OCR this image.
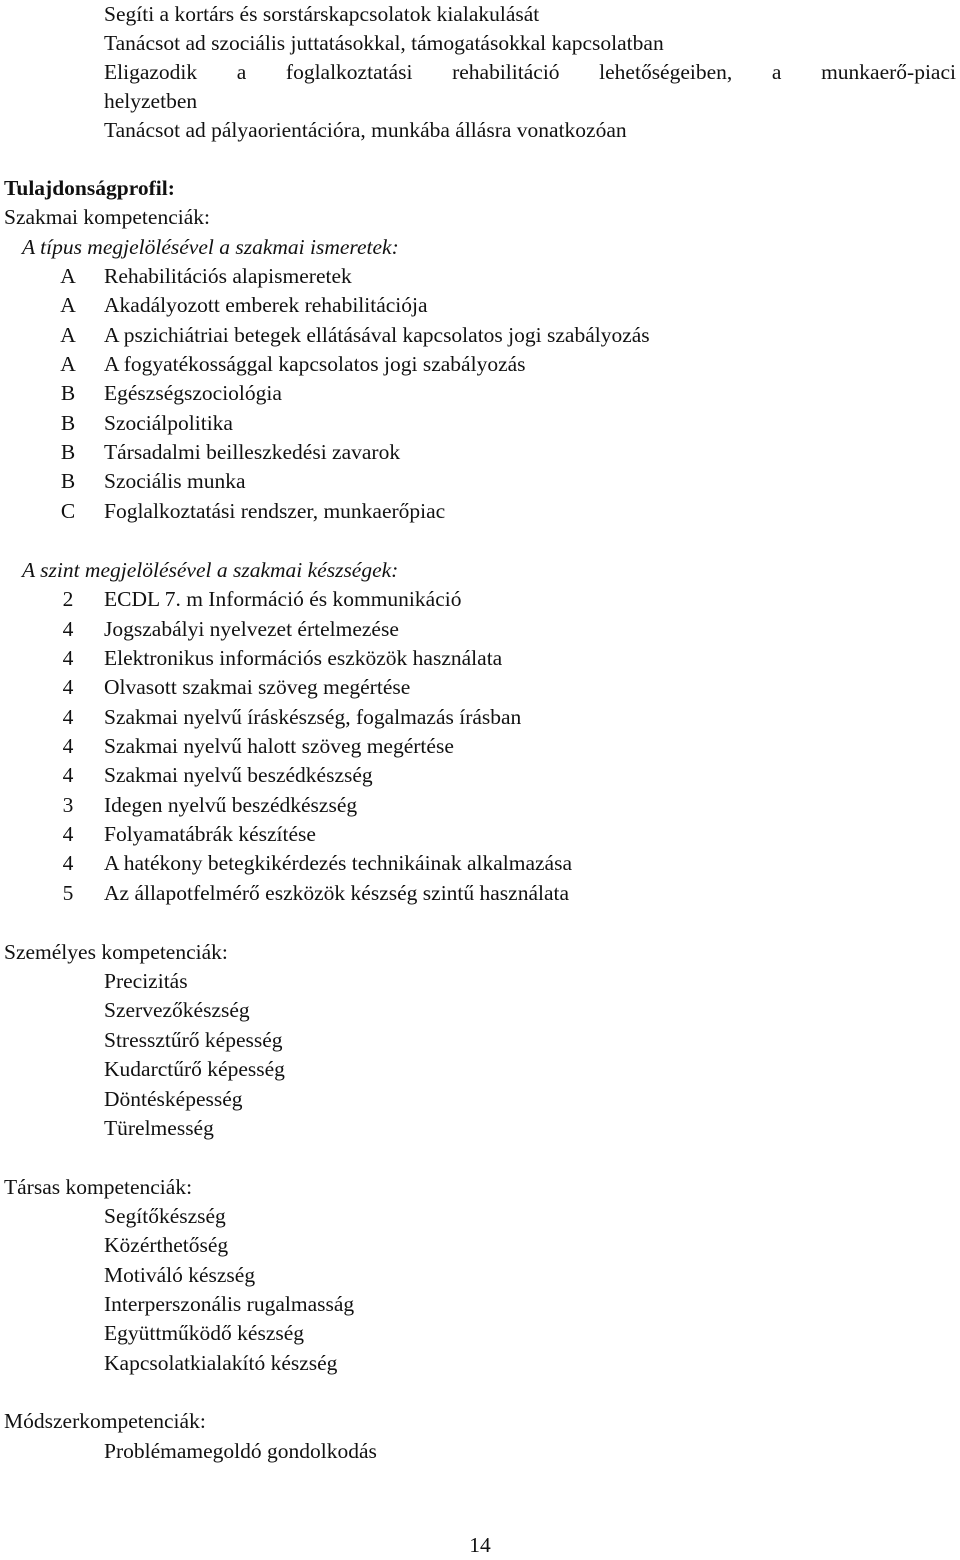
Segíti a kortárs és sorstárskapcsolatok kialakulását
Tanácsot ad szociális juttatásokkal, támogatásokkal kapcsolatban
Eligazodik a foglalkoztatási rehabilitáció lehetőségeiben, a munkaerő-piaci
helyzetben
Tanácsot ad pályaorientációra, munkába állásra vonatkozóan
Tulajdonságprofil:
Szakmai kompetenciák:
A típus megjelölésével a szakmai ismeretek:
A Rehabilitációs alapismeretek
A Akadályozott emberek rehabilitációja
A A pszichiátriai betegek ellátásával kapcsolatos jogi szabályozás
A A fogyatékossággal kapcsolatos jogi szabályozás
B Egészségszociológia
B Szociálpolitika
B Társadalmi beilleszkedési zavarok
B Szociális munka
C Foglalkoztatási rendszer, munkaerőpiac
A szint megjelölésével a szakmai készségek:
2	ECDL 7. m Információ és kommunikáció
4	Jogszabályi nyelvezet értelmezése
4	Elektronikus információs eszközök használata
4	Olvasott szakmai szöveg megértése
4	Szakmai nyelvű íráskészség, fogalmazás írásban
4	Szakmai nyelvű halott szöveg megértése
4	Szakmai nyelvű beszédkészség
3	Idegen nyelvű beszédkészség
4	Folyamatábrák készítése
4	A hatékony betegkikérdezés technikáinak alkalmazása
5	Az állapotfelmérő eszközök készség szintű használata
Személyes kompetenciák:
Precizitás
Szervezőkészség
Stressztűrő képesség
Kudarctűrő képesség
Döntésképesség
Türelmesség
Társas kompetenciák:
Segítőkészség
Közérthetőség
Motiváló készség
Interperszonális rugalmasság
Együttműködő készség
Kapcsolatkialakító készség
Módszerkompetenciák:
Problémamegoldó gondolkodás
14
